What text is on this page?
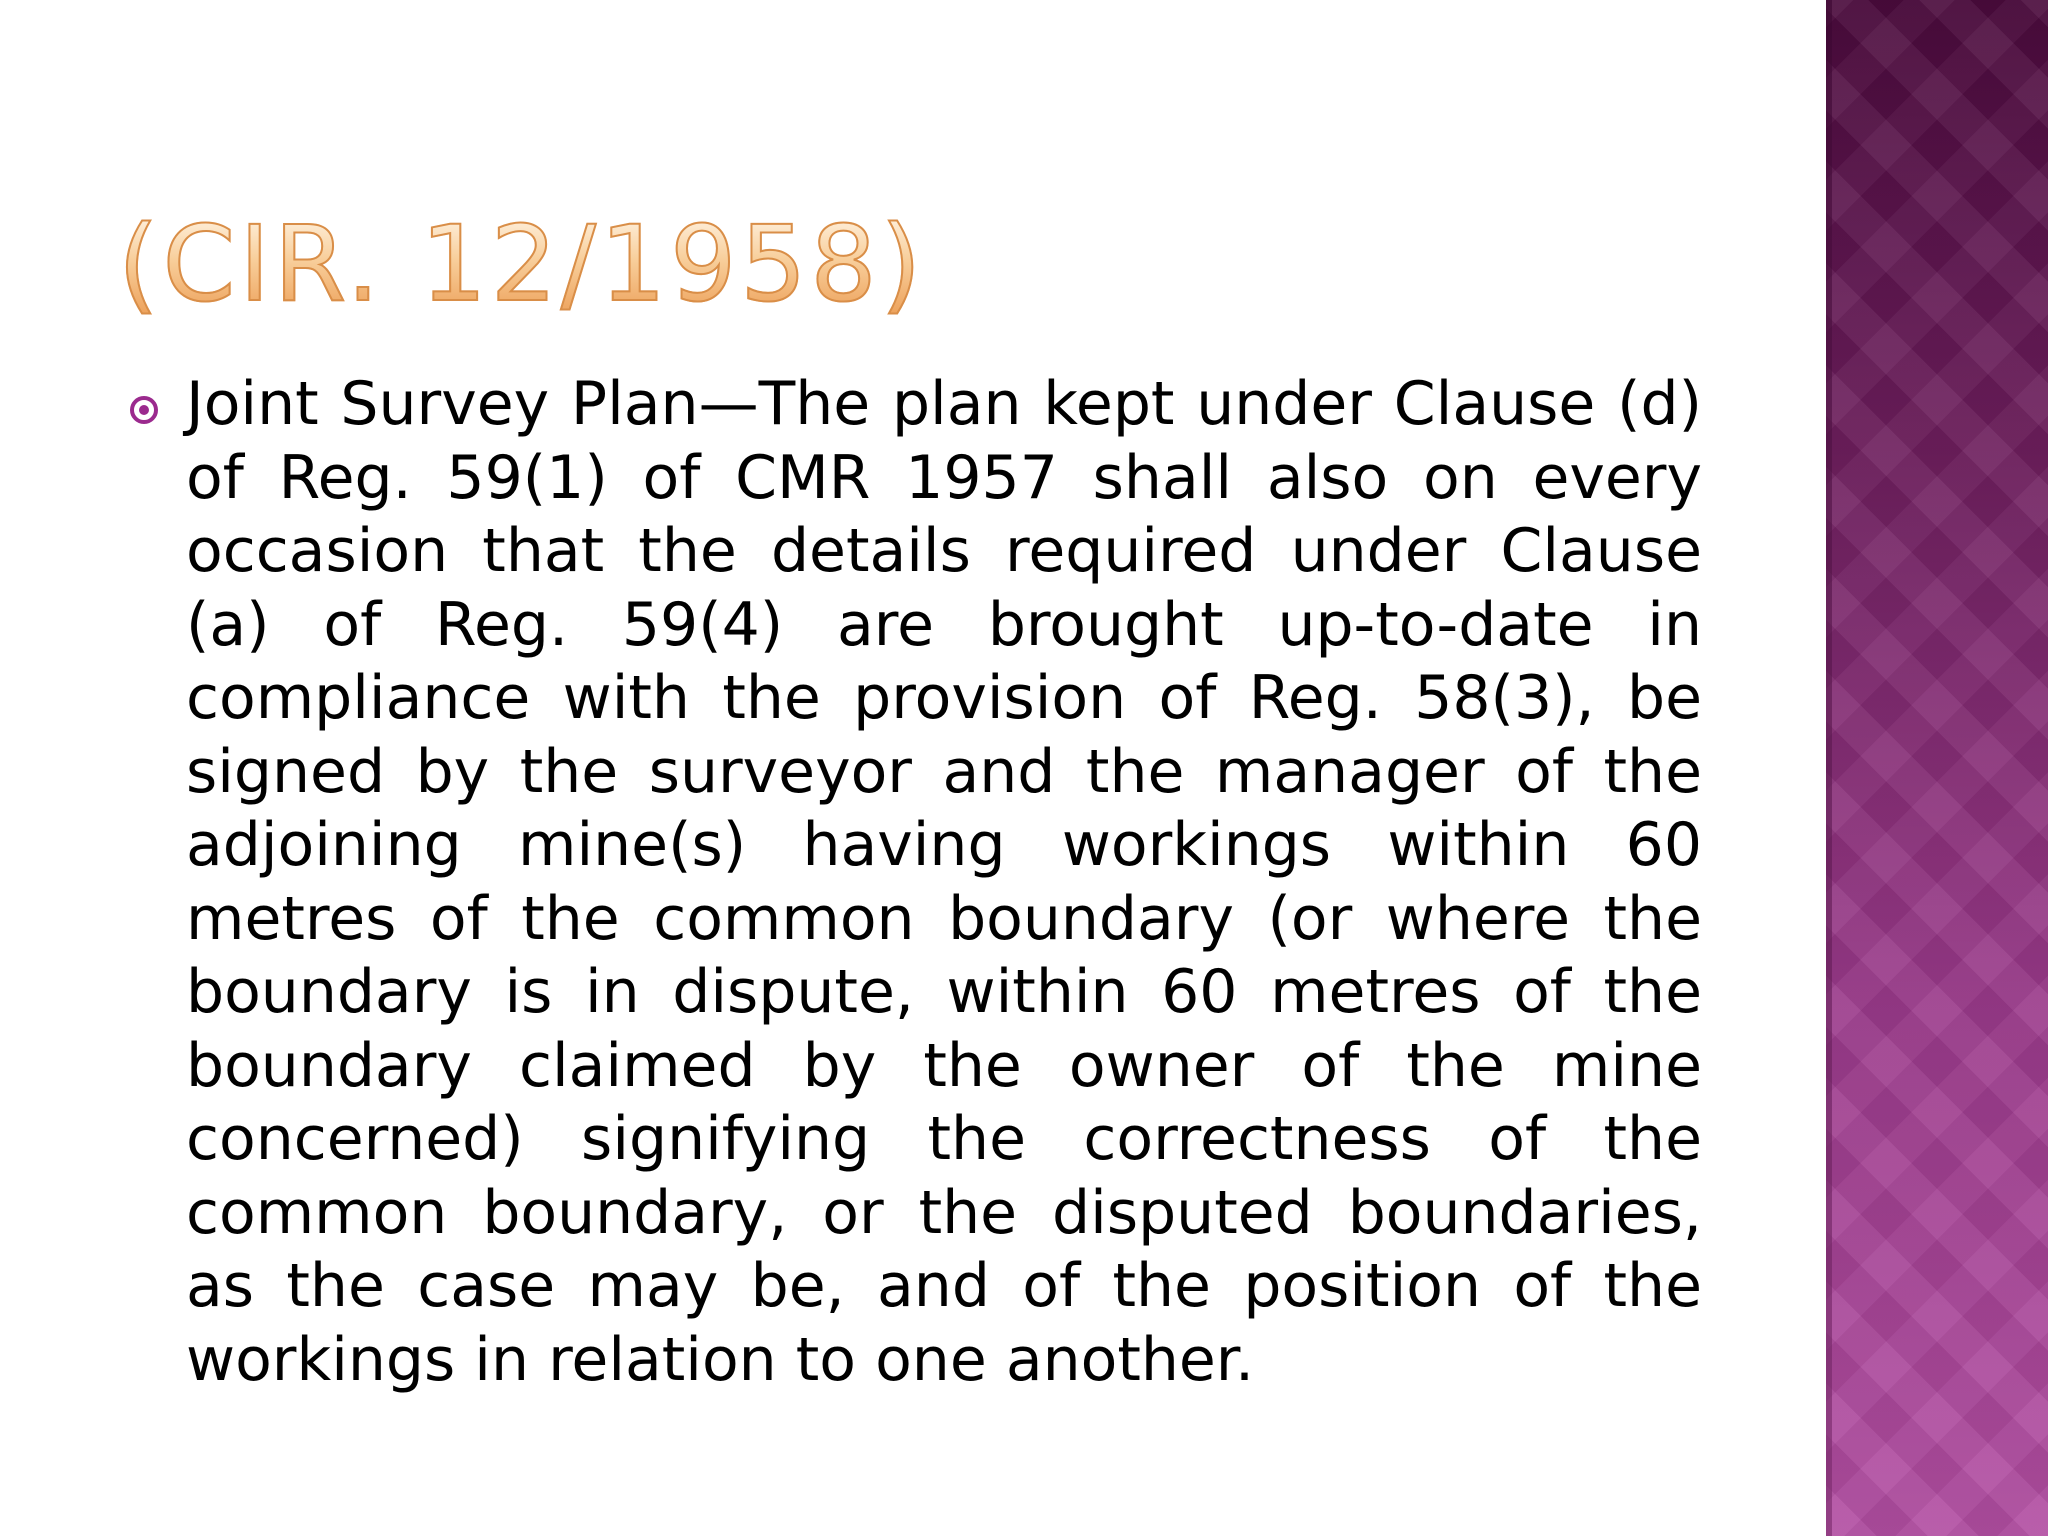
(CIR. 12/1958)

Joint Survey Plan—The plan kept under Clause (d) of Reg. 59(1) of CMR 1957 shall also on every occasion that the details required under Clause (a) of Reg. 59(4) are brought up-to-date in compliance with the provision of Reg. 58(3), be signed by the surveyor and the manager of the adjoining mine(s) having workings within 60 metres of the common boundary (or where the boundary is in dispute, within 60 metres of the boundary claimed by the owner of the mine concerned) signifying the correctness of the common boundary, or the disputed boundaries, as the case may be, and of the position of the workings in relation to one another.
